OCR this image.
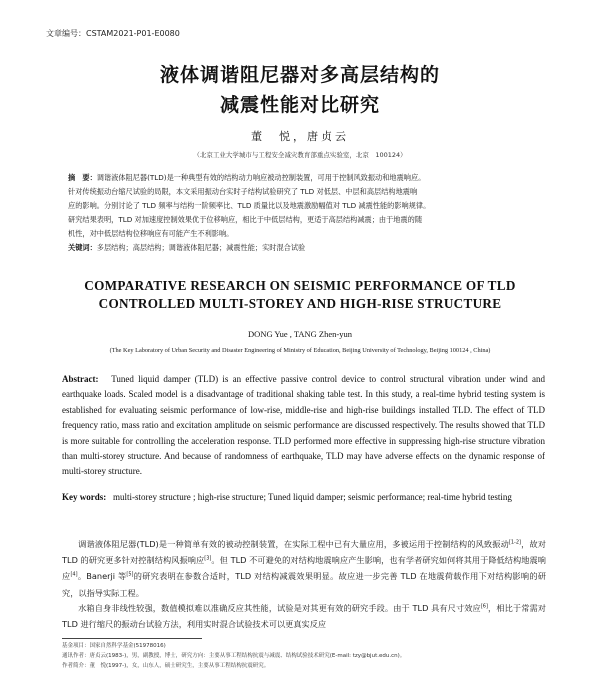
文章编号：CSTAM2021-P01-E0080
液体调谐阻尼器对多高层结构的
减震性能对比研究
董　悦，唐贞云
（北京工业大学城市与工程安全减灾教育部重点实验室，北京　100124）
摘　要：调谐液体阻尼器(TLD)是一种典型有效的结构动力响应被动控制装置，可用于控制风致振动和地震响应。
针对传统振动台缩尺试验的局限，本文采用振动台实时子结构试验研究了 TLD 对低层、中层和高层结构地震响
应的影响。分别讨论了 TLD 频率与结构一阶频率比、TLD 质量比以及地震激励幅值对 TLD 减震性能的影响规律。
研究结果表明，TLD 对加速度控制效果优于位移响应，相比于中低层结构，更适于高层结构减震；由于地震的随
机性，对中低层结构位移响应有可能产生不利影响。
关键词：多层结构；高层结构；调谐液体阻尼器；减震性能；实时混合试验
COMPARATIVE RESEARCH ON SEISMIC PERFORMANCE OF TLD
CONTROLLED MULTI-STOREY AND HIGH-RISE STRUCTURE
DONG Yue , TANG Zhen-yun
(The Key Laboratory of Urban Security and Disaster Engineering of Ministry of Education, Beijing University of Technology, Beijing 100124 , China)
Abstract: Tuned liquid damper (TLD) is an effective passive control device to control structural vibration under wind and earthquake loads. Scaled model is a disadvantage of traditional shaking table test. In this study, a real-time hybrid testing system is established for evaluating seismic performance of low-rise, middle-rise and high-rise buildings installed TLD. The effect of TLD frequency ratio, mass ratio and excitation amplitude on seismic performance are discussed respectively. The results showed that TLD is more suitable for controlling the acceleration response. TLD performed more effective in suppressing high-rise structure vibration than multi-storey structure. And because of randomness of earthquake, TLD may have adverse effects on the dynamic response of multi-storey structure.
Key words: multi-storey structure ; high-rise structure; Tuned liquid damper; seismic performance; real-time hybrid testing
调谐液体阻尼器(TLD)是一种简单有效的被动控制装置，在实际工程中已有大量应用，多被运用于控制结构的风致振动[1-2]，故对 TLD 的研究更多针对控制结构风振响应[3]。但 TLD 不可避免的对结构地震响应产生影响，也有学者研究如何将其用于降低结构地震响应[4]。Banerji 等[5]的研究表明在参数合适时，TLD 对结构减震效果明显。故应进一步完善 TLD 在地震荷载作用下对结构影响的研究，以指导实际工程。
水箱自身非线性较强，数值模拟难以准确反应其性能，试验是对其更有效的研究手段。由于 TLD 具有尺寸效应[6]，相比于常需对 TLD 进行缩尺的振动台试验方法，利用实时混合试验技术可以更真实反应
基金项目：国家自然科学基金(51978016)
通讯作者：唐贞云(1983-)，男，副教授，博士，研究方向：主要从事工程结构抗震与减震、结构试验技术研究(E-mail: tzy@bjut.edu.cn)。
作者简介：董　悦(1997-)，女，山东人，硕士研究生，主要从事工程结构抗震研究。
